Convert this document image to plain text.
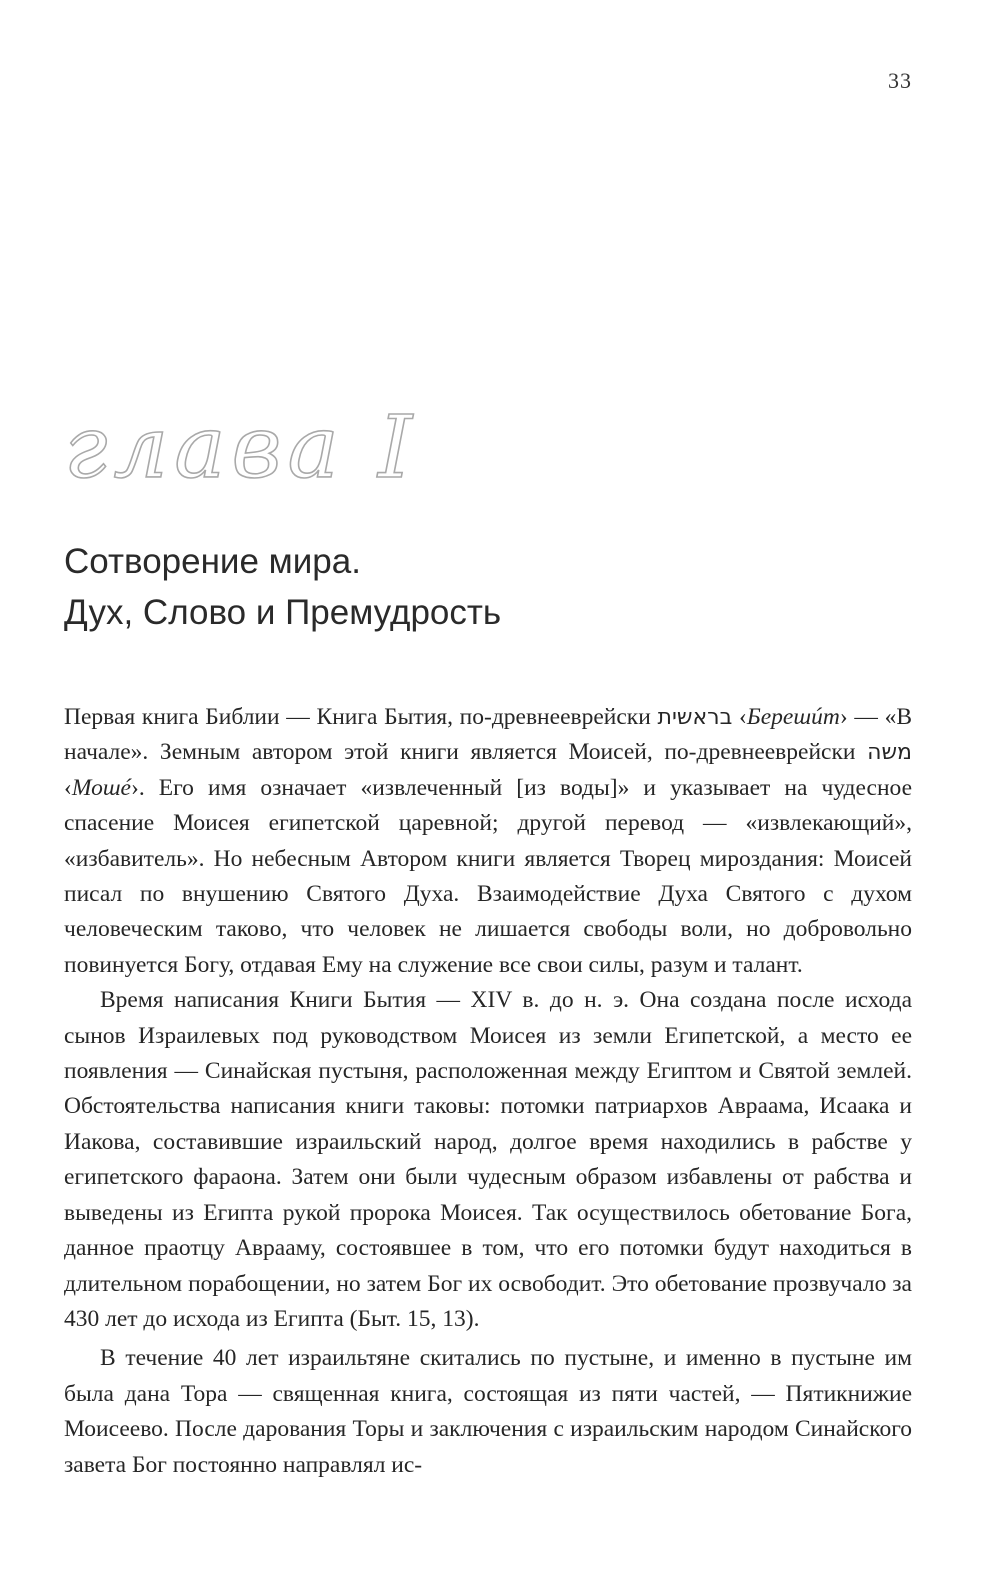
33
глава I
Сотворение мира.
Дух, Слово и Премудрость

Первая книга Библии — Книга Бытия, по-древнееврейски בראשית ‹Берешúт› — «В начале». Земным автором этой книги является Моисей, по-древнееврейски משה ‹Мошé›. Его имя означает «извлеченный [из воды]» и указывает на чудесное спасение Моисея египетской царевной; другой перевод — «извлекающий», «избавитель». Но небесным Автором книги является Творец мироздания: Моисей писал по внушению Святого Духа. Взаимодействие Духа Святого с духом человеческим таково, что человек не лишается свободы воли, но добровольно повинуется Богу, отдавая Ему на служение все свои силы, разум и талант.

Время написания Книги Бытия — XIV в. до н. э. Она создана после исхода сынов Израилевых под руководством Моисея из земли Египетской, а место ее появления — Синайская пустыня, расположенная между Египтом и Святой землей. Обстоятельства написания книги таковы: потомки патриархов Авраама, Исаака и Иакова, составившие израильский народ, долгое время находились в рабстве у египетского фараона. Затем они были чудесным образом избавлены от рабства и выведены из Египта рукой пророка Моисея. Так осуществилось обетование Бога, данное праотцу Аврааму, состоявшее в том, что его потомки будут находиться в длительном порабощении, но затем Бог их освободит. Это обетование прозвучало за 430 лет до исхода из Египта (Быт. 15, 13).

В течение 40 лет израильтяне скитались по пустыне, и именно в пустыне им была дана Тора — священная книга, состоящая из пяти частей, — Пятикнижие Моисеево. После дарования Торы и заключения с израильским народом Синайского завета Бог постоянно направлял ис-
